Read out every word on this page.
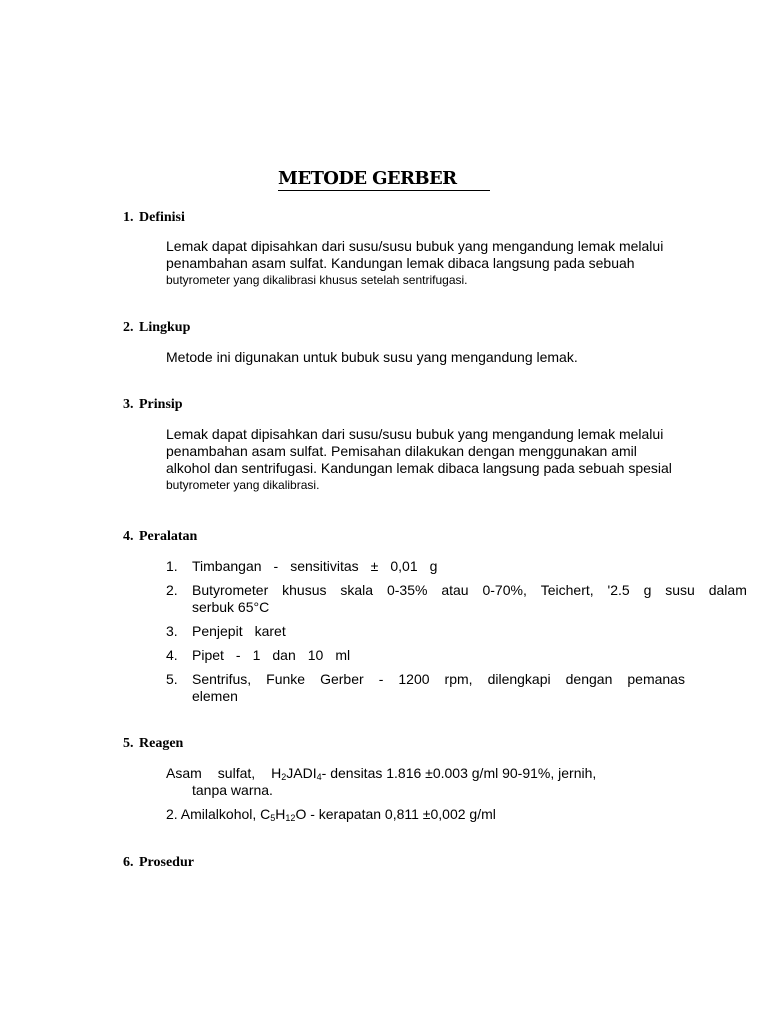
METODE GERBER
1. Definisi
Lemak dapat dipisahkan dari susu/susu bubuk yang mengandung lemak melalui
penambahan asam sulfat. Kandungan lemak dibaca langsung pada sebuah
butyrometer yang dikalibrasi khusus setelah sentrifugasi.
2. Lingkup
Metode ini digunakan untuk bubuk susu yang mengandung lemak.
3. Prinsip
Lemak dapat dipisahkan dari susu/susu bubuk yang mengandung lemak melalui
penambahan asam sulfat. Pemisahan dilakukan dengan menggunakan amil
alkohol dan sentrifugasi. Kandungan lemak dibaca langsung pada sebuah spesial
butyrometer yang dikalibrasi.
4. Peralatan
1. Timbangan - sensitivitas ± 0,01 g
2.	Butyrometer khusus skala 0-35% atau 0-70%, Teichert, '2.5 g susu dalam
serbuk 65°C
3. Penjepit karet
4. Pipet - 1 dan 10 ml
5.	Sentrifus, Funke Gerber - 1200 rpm, dilengkapi dengan pemanas
elemen
5. Reagen
Asam sulfat, $H_2JADI_4-$ densitas 1.816 ±0.003 g/ml 90-91%, jernih,
tanpa warna.
2. Amilalkohol, $C_5H_{12}O$ - kerapatan 0,811 ±0,002 g/ml
6. Prosedur
